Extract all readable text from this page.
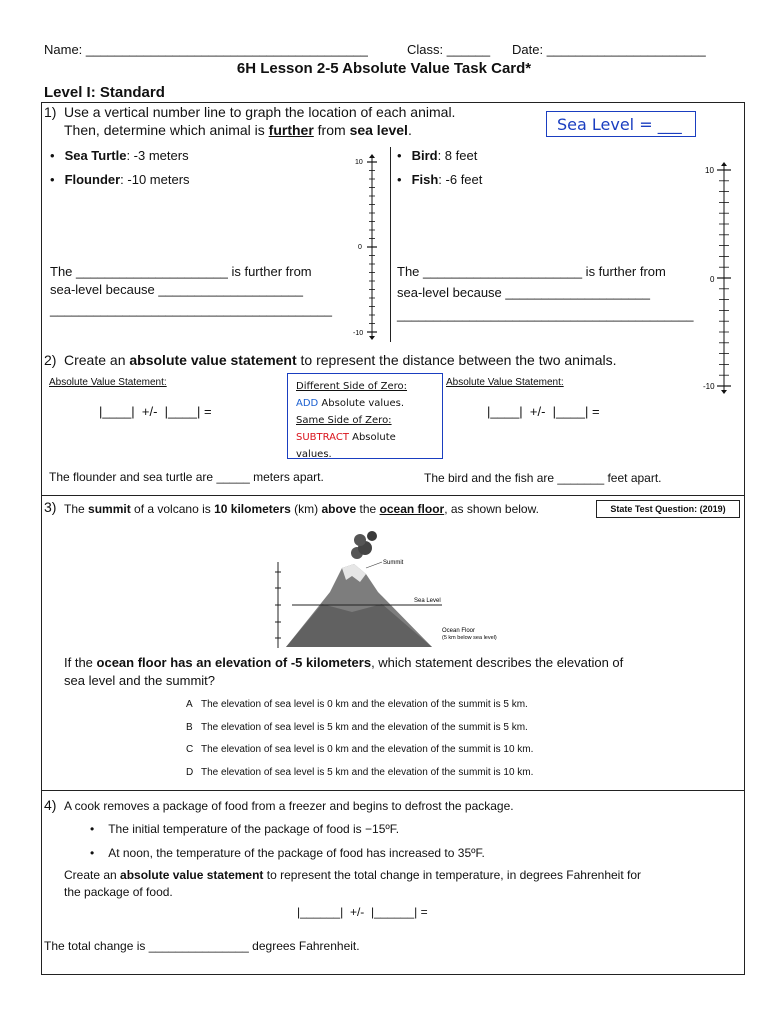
Name: _______________________________________	Class: ______ Date: ______________________
6H Lesson 2-5 Absolute Value Task Card*
Level I: Standard
1) Use a vertical number line to graph the location of each animal.
Then, determine which animal is further from sea level.	Sea Level = ___
• Sea Turtle: -3 meters
• Flounder: -10 meters
• Bird: 8 feet
• Fish: -6 feet
10
0
-10
10
0
-10
The _____________________ is further from
sea-level because ____________________
_______________________________________
The ______________________ is further from
sea-level because ____________________
_________________________________________
2) Create an absolute value statement to represent the distance between the two animals.
Absolute Value Statement:	Absolute Value Statement:
|____|  +/-  |____| =	|____|  +/-  |____| =
Different Side of Zero:
ADD Absolute values.
Same Side of Zero:
SUBTRACT Absolute values.
The flounder and sea turtle are _____ meters apart.	The bird and the fish are _______ feet apart.
3) The summit of a volcano is 10 kilometers (km) above the ocean floor, as shown below.	State Test Question: (2019)
Summit
Sea Level
Ocean Floor
(5 km below sea level)
If the ocean floor has an elevation of -5 kilometers, which statement describes the elevation of
sea level and the summit?
A The elevation of sea level is 0 km and the elevation of the summit is 5 km.
B The elevation of sea level is 5 km and the elevation of the summit is 5 km.
C The elevation of sea level is 0 km and the elevation of the summit is 10 km.
D The elevation of sea level is 5 km and the elevation of the summit is 10 km.
4) A cook removes a package of food from a freezer and begins to defrost the package.
• The initial temperature of the package of food is −15ºF.
• At noon, the temperature of the package of food has increased to 35ºF.
Create an absolute value statement to represent the total change in temperature, in degrees Fahrenheit for
the package of food.
|______|  +/-  |______| =
The total change is _______________ degrees Fahrenheit.
